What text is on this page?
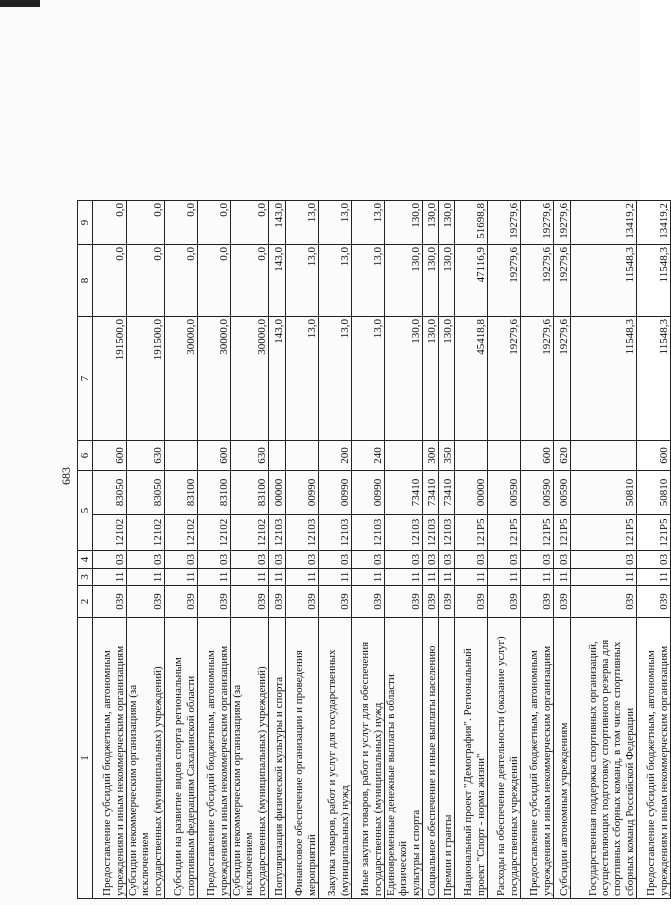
683
1	2	3	4	5		6	7	8	9
Предоставление субсидий бюджетным, автономным
учреждениям и иным некоммерческим организациям	039	11	03	12102	83050	600	191500,0	0,0	0,0
Субсидии некоммерческим организациям (за исключением
государственных (муниципальных) учреждений)	039	11	03	12102	83050	630	191500,0	0,0	0,0
Субсидии на развитие видов спорта региональным
спортивным федерациям Сахалинской области	039	11	03	12102	83100		30000,0	0,0	0,0
Предоставление субсидий бюджетным, автономным
учреждениям и иным некоммерческим организациям	039	11	03	12102	83100	600	30000,0	0,0	0,0
Субсидии некоммерческим организациям (за исключением
государственных (муниципальных) учреждений)	039	11	03	12102	83100	630	30000,0	0,0	0,0
Популяризация физической культуры и спорта	039	11	03	12103	00000		143,0	143,0	143,0
Финансовое обеспечение организации и проведения
мероприятий	039	11	03	12103	00990		13,0	13,0	13,0
Закупка товаров, работ и услуг для государственных
(муниципальных) нужд	039	11	03	12103	00990	200	13,0	13,0	13,0
Иные закупки товаров, работ и услуг для обеспечения
государственных (муниципальных) нужд	039	11	03	12103	00990	240	13,0	13,0	13,0
Единовременные денежные выплаты в области физической
культуры и спорта	039	11	03	12103	73410		130,0	130,0	130,0
Социальное обеспечение и иные выплаты населению	039	11	03	12103	73410	300	130,0	130,0	130,0
Премии и гранты	039	11	03	12103	73410	350	130,0	130,0	130,0
Национальный проект "Демография". Региональный
проект "Спорт - норма жизни"	039	11	03	121P5	00000		45418,8	47116,9	51698,8
Расходы на обеспечение деятельности (оказание услуг)
государственных учреждений	039	11	03	121P5	00590		19279,6	19279,6	19279,6
Предоставление субсидий бюджетным, автономным
учреждениям и иным некоммерческим организациям	039	11	03	121P5	00590	600	19279,6	19279,6	19279,6
Субсидии автономным учреждениям	039	11	03	121P5	00590	620	19279,6	19279,6	19279,6
Государственная поддержка спортивных организаций,
осуществляющих подготовку спортивного резерва для
спортивных сборных команд, в том числе спортивных
сборных команд Российской Федерации	039	11	03	121P5	50810		11548,3	11548,3	13419,2
Предоставление субсидий бюджетным, автономным
учреждениям и иным некоммерческим организациям	039	11	03	121P5	50810	600	11548,3	11548,3	13419,2
